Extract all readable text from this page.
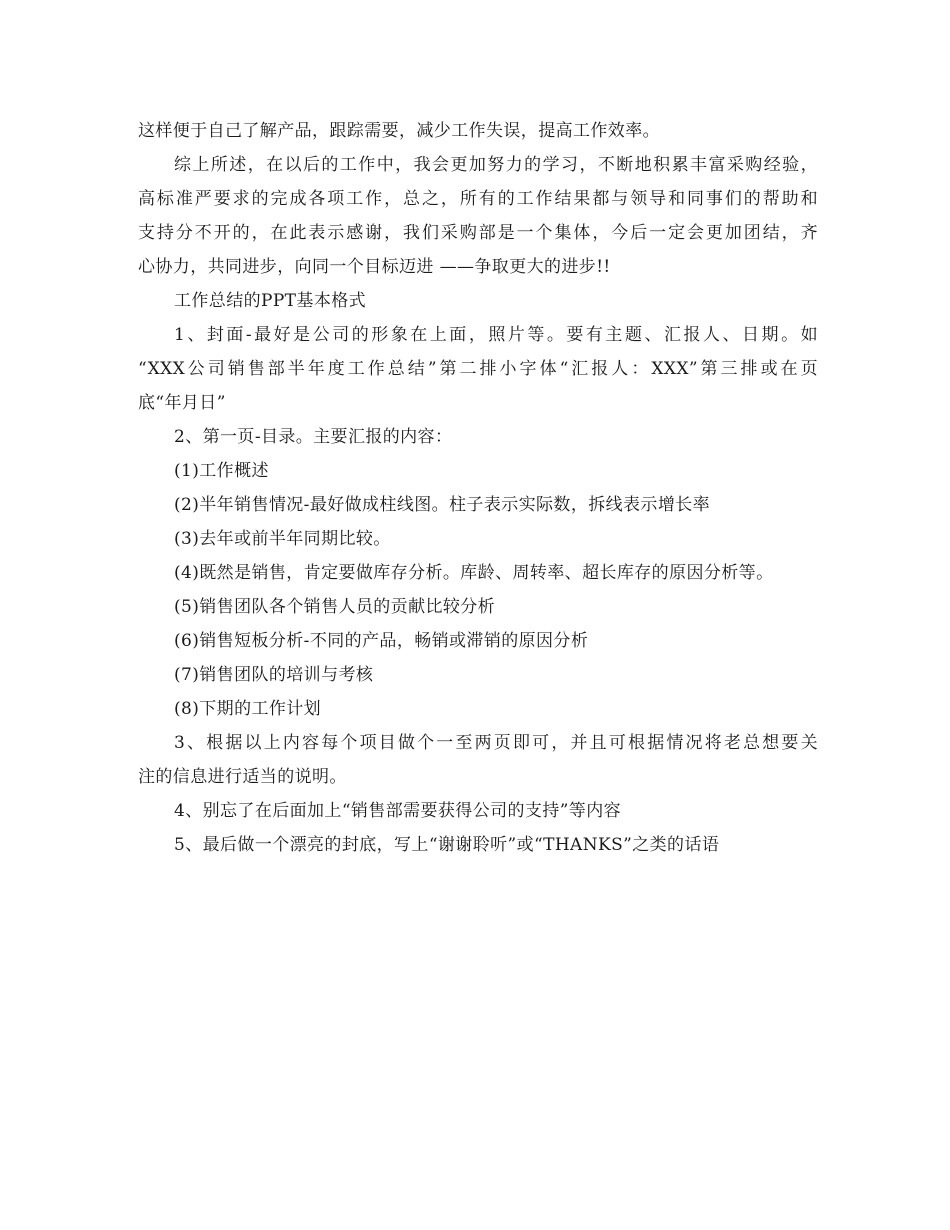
这样便于自己了解产品，跟踪需要，减少工作失误，提高工作效率。
综上所述，在以后的工作中，我会更加努力的学习，不断地积累丰富采购经验，
高标准严要求的完成各项工作，总之，所有的工作结果都与领导和同事们的帮助和
支持分不开的，在此表示感谢，我们采购部是一个集体，今后一定会更加团结，齐
心协力，共同进步，向同一个目标迈进 ——争取更大的进步!!
工作总结的PPT基本格式
1、封面-最好是公司的形象在上面，照片等。要有主题、汇报人、日期。如
“XXX公司销售部半年度工作总结”第二排小字体“汇报人：XXX”第三排或在页
底“年月日”
2、第一页-目录。主要汇报的内容：
(1)工作概述
(2)半年销售情况-最好做成柱线图。柱子表示实际数，拆线表示增长率
(3)去年或前半年同期比较。
(4)既然是销售，肯定要做库存分析。库龄、周转率、超长库存的原因分析等。
(5)销售团队各个销售人员的贡献比较分析
(6)销售短板分析-不同的产品，畅销或滞销的原因分析
(7)销售团队的培训与考核
(8)下期的工作计划
3、根据以上内容每个项目做个一至两页即可，并且可根据情况将老总想要关
注的信息进行适当的说明。
4、别忘了在后面加上“销售部需要获得公司的支持”等内容
5、最后做一个漂亮的封底，写上“谢谢聆听”或“THANKS”之类的话语
